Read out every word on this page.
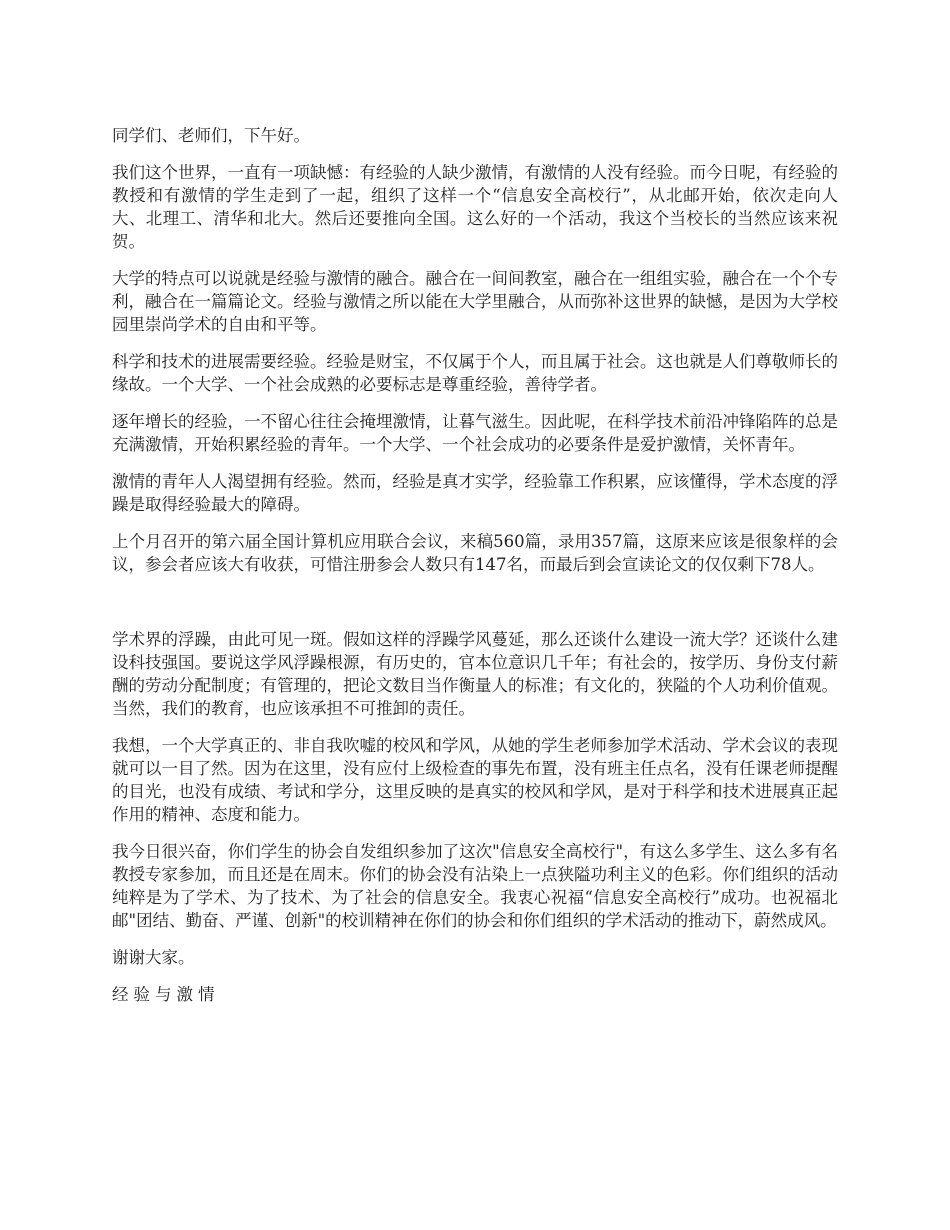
同学们、老师们，下午好。

我们这个世界，一直有一项缺憾：有经验的人缺少激情，有激情的人没有经验。而今日呢，有经验的教授和有激情的学生走到了一起，组织了这样一个“信息安全高校行”，从北邮开始，依次走向人大、北理工、清华和北大。然后还要推向全国。这么好的一个活动，我这个当校长的当然应该来祝贺。

大学的特点可以说就是经验与激情的融合。融合在一间间教室，融合在一组组实验，融合在一个个专利，融合在一篇篇论文。经验与激情之所以能在大学里融合，从而弥补这世界的缺憾，是因为大学校园里崇尚学术的自由和平等。

科学和技术的进展需要经验。经验是财宝，不仅属于个人，而且属于社会。这也就是人们尊敬师长的缘故。一个大学、一个社会成熟的必要标志是尊重经验，善待学者。

逐年增长的经验，一不留心往往会掩埋激情，让暮气滋生。因此呢，在科学技术前沿冲锋陷阵的总是充满激情，开始积累经验的青年。一个大学、一个社会成功的必要条件是爱护激情，关怀青年。

激情的青年人人渴望拥有经验。然而，经验是真才实学，经验靠工作积累，应该懂得，学术态度的浮躁是取得经验最大的障碍。

上个月召开的第六届全国计算机应用联合会议，来稿560篇，录用357篇，这原来应该是很象样的会议，参会者应该大有收获，可惜注册参会人数只有147名，而最后到会宣读论文的仅仅剩下78人。

学术界的浮躁，由此可见一斑。假如这样的浮躁学风蔓延，那么还谈什么建设一流大学？还谈什么建设科技强国。要说这学风浮躁根源，有历史的，官本位意识几千年；有社会的，按学历、身份支付薪酬的劳动分配制度；有管理的，把论文数目当作衡量人的标准；有文化的，狭隘的个人功利价值观。当然，我们的教育，也应该承担不可推卸的责任。

我想，一个大学真正的、非自我吹嘘的校风和学风，从她的学生老师参加学术活动、学术会议的表现就可以一目了然。因为在这里，没有应付上级检查的事先布置，没有班主任点名，没有任课老师提醒的目光，也没有成绩、考试和学分，这里反映的是真实的校风和学风，是对于科学和技术进展真正起作用的精神、态度和能力。

我今日很兴奋，你们学生的协会自发组织参加了这次"信息安全高校行"，有这么多学生、这么多有名教授专家参加，而且还是在周末。你们的协会没有沾染上一点狭隘功利主义的色彩。你们组织的活动纯粹是为了学术、为了技术、为了社会的信息安全。我衷心祝福“信息安全高校行”成功。也祝福北邮"团结、勤奋、严谨、创新"的校训精神在你们的协会和你们组织的学术活动的推动下，蔚然成风。

谢谢大家。

经验与激情
